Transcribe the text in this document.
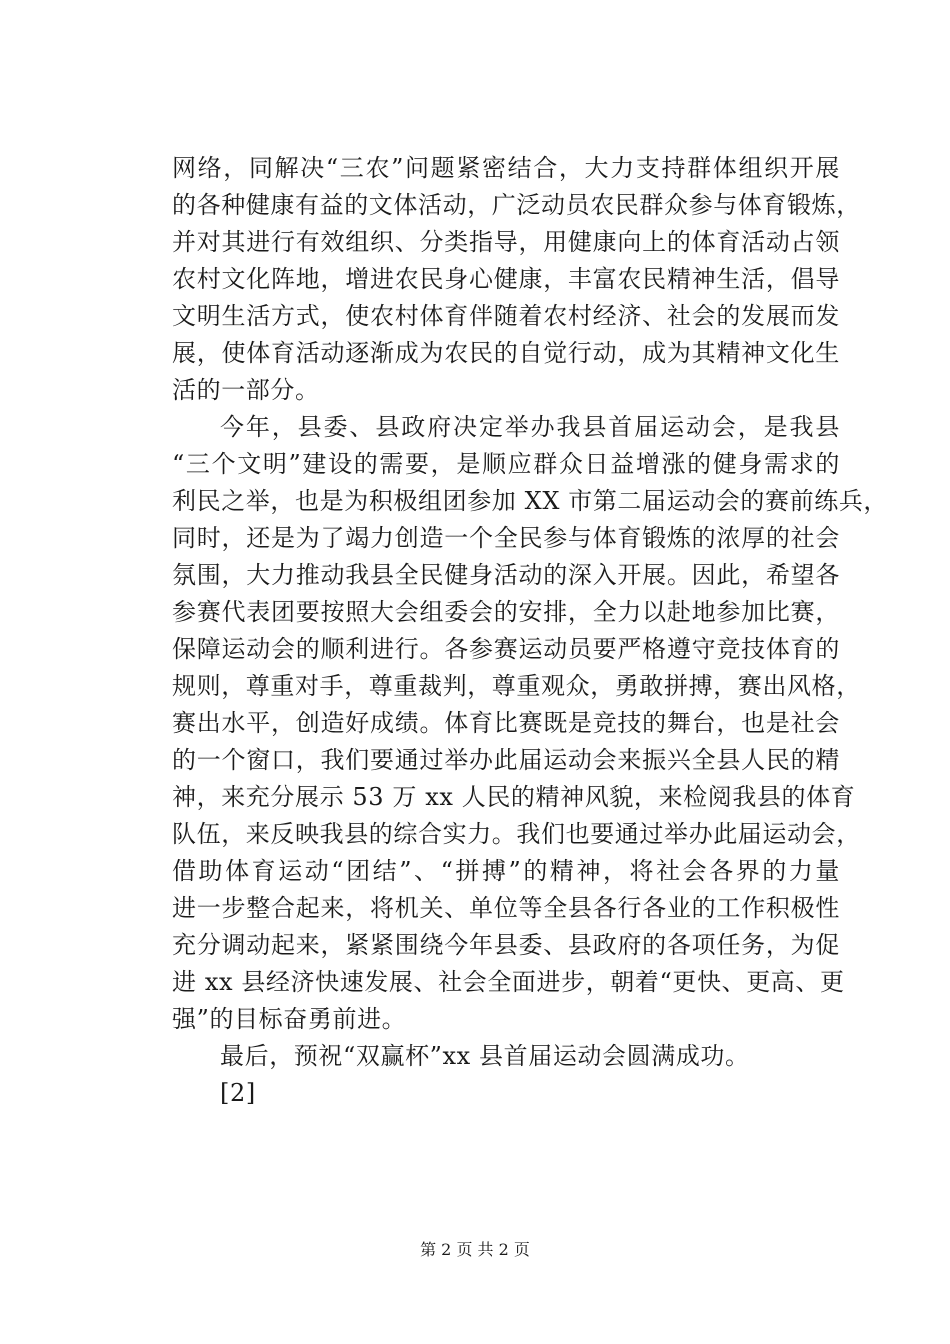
网络，同解决“三农”问题紧密结合，大力支持群体组织开展
的各种健康有益的文体活动，广泛动员农民群众参与体育锻炼，
并对其进行有效组织、分类指导，用健康向上的体育活动占领
农村文化阵地，增进农民身心健康，丰富农民精神生活，倡导
文明生活方式，使农村体育伴随着农村经济、社会的发展而发
展，使体育活动逐渐成为农民的自觉行动，成为其精神文化生
活的一部分。
今年，县委、县政府决定举办我县首届运动会，是我县
“三个文明”建设的需要，是顺应群众日益增涨的健身需求的
利民之举，也是为积极组团参加 XX 市第二届运动会的赛前练兵，
同时，还是为了竭力创造一个全民参与体育锻炼的浓厚的社会
氛围，大力推动我县全民健身活动的深入开展。因此，希望各
参赛代表团要按照大会组委会的安排，全力以赴地参加比赛，
保障运动会的顺利进行。各参赛运动员要严格遵守竞技体育的
规则，尊重对手，尊重裁判，尊重观众，勇敢拼搏，赛出风格，
赛出水平，创造好成绩。体育比赛既是竞技的舞台，也是社会
的一个窗口，我们要通过举办此届运动会来振兴全县人民的精
神，来充分展示 53 万 xx 人民的精神风貌，来检阅我县的体育
队伍，来反映我县的综合实力。我们也要通过举办此届运动会，
借助体育运动“团结”、“拼搏”的精神，将社会各界的力量
进一步整合起来，将机关、单位等全县各行各业的工作积极性
充分调动起来，紧紧围绕今年县委、县政府的各项任务，为促
进 xx 县经济快速发展、社会全面进步，朝着“更快、更高、更
强”的目标奋勇前进。
最后，预祝“双赢杯”xx 县首届运动会圆满成功。
[2]
第 2 页 共 2 页
